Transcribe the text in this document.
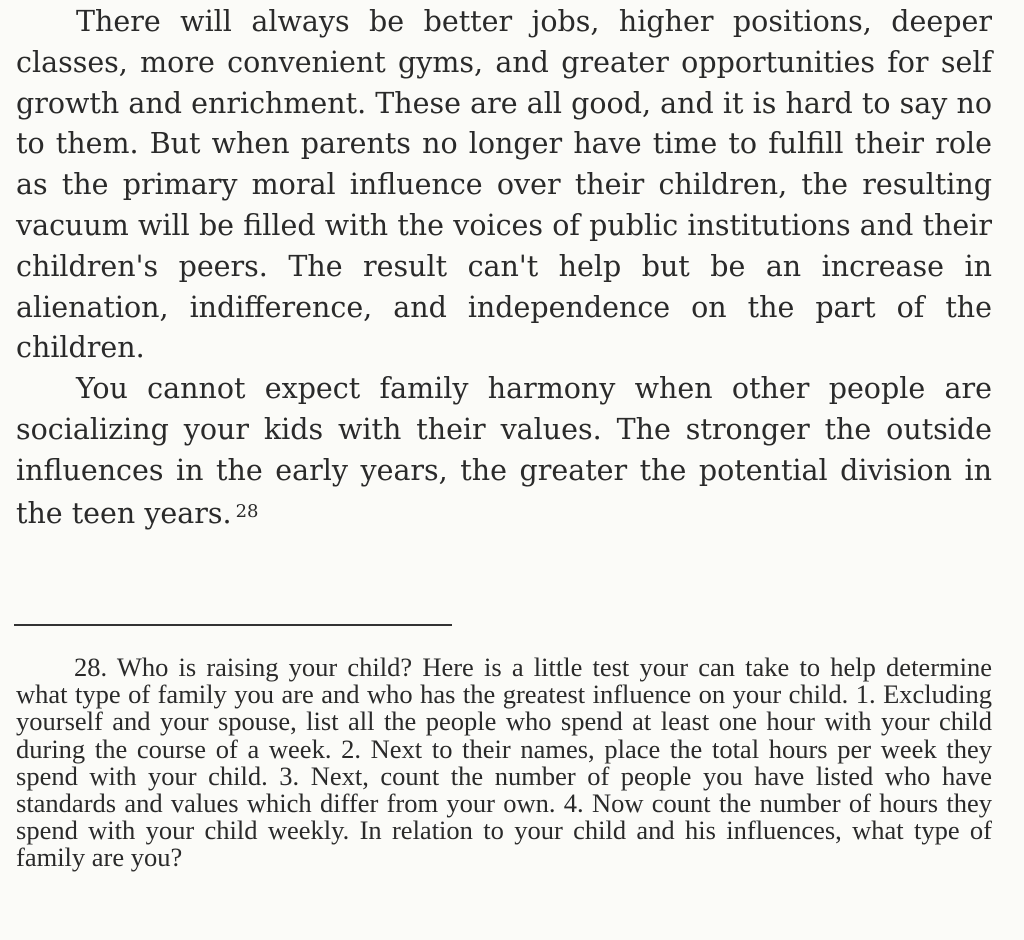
There will always be better jobs, higher positions, deeper classes, more convenient gyms, and greater opportunities for self growth and enrichment. These are all good, and it is hard to say no to them. But when parents no longer have time to fulfill their role as the primary moral influence over their children, the resulting vacuum will be filled with the voices of public institutions and their children's peers. The result can't help but be an increase in alienation, indifference, and independence on the part of the children.

You cannot expect family harmony when other people are socializing your kids with their values. The stronger the outside influences in the early years, the greater the potential division in the teen years. $^{28}$

28. Who is raising your child? Here is a little test your can take to help determine what type of family you are and who has the greatest influence on your child. 1. Excluding yourself and your spouse, list all the people who spend at least one hour with your child during the course of a week. 2. Next to their names, place the total hours per week they spend with your child. 3. Next, count the number of people you have listed who have standards and values which differ from your own. 4. Now count the number of hours they spend with your child weekly. In relation to your child and his influences, what type of family are you?
